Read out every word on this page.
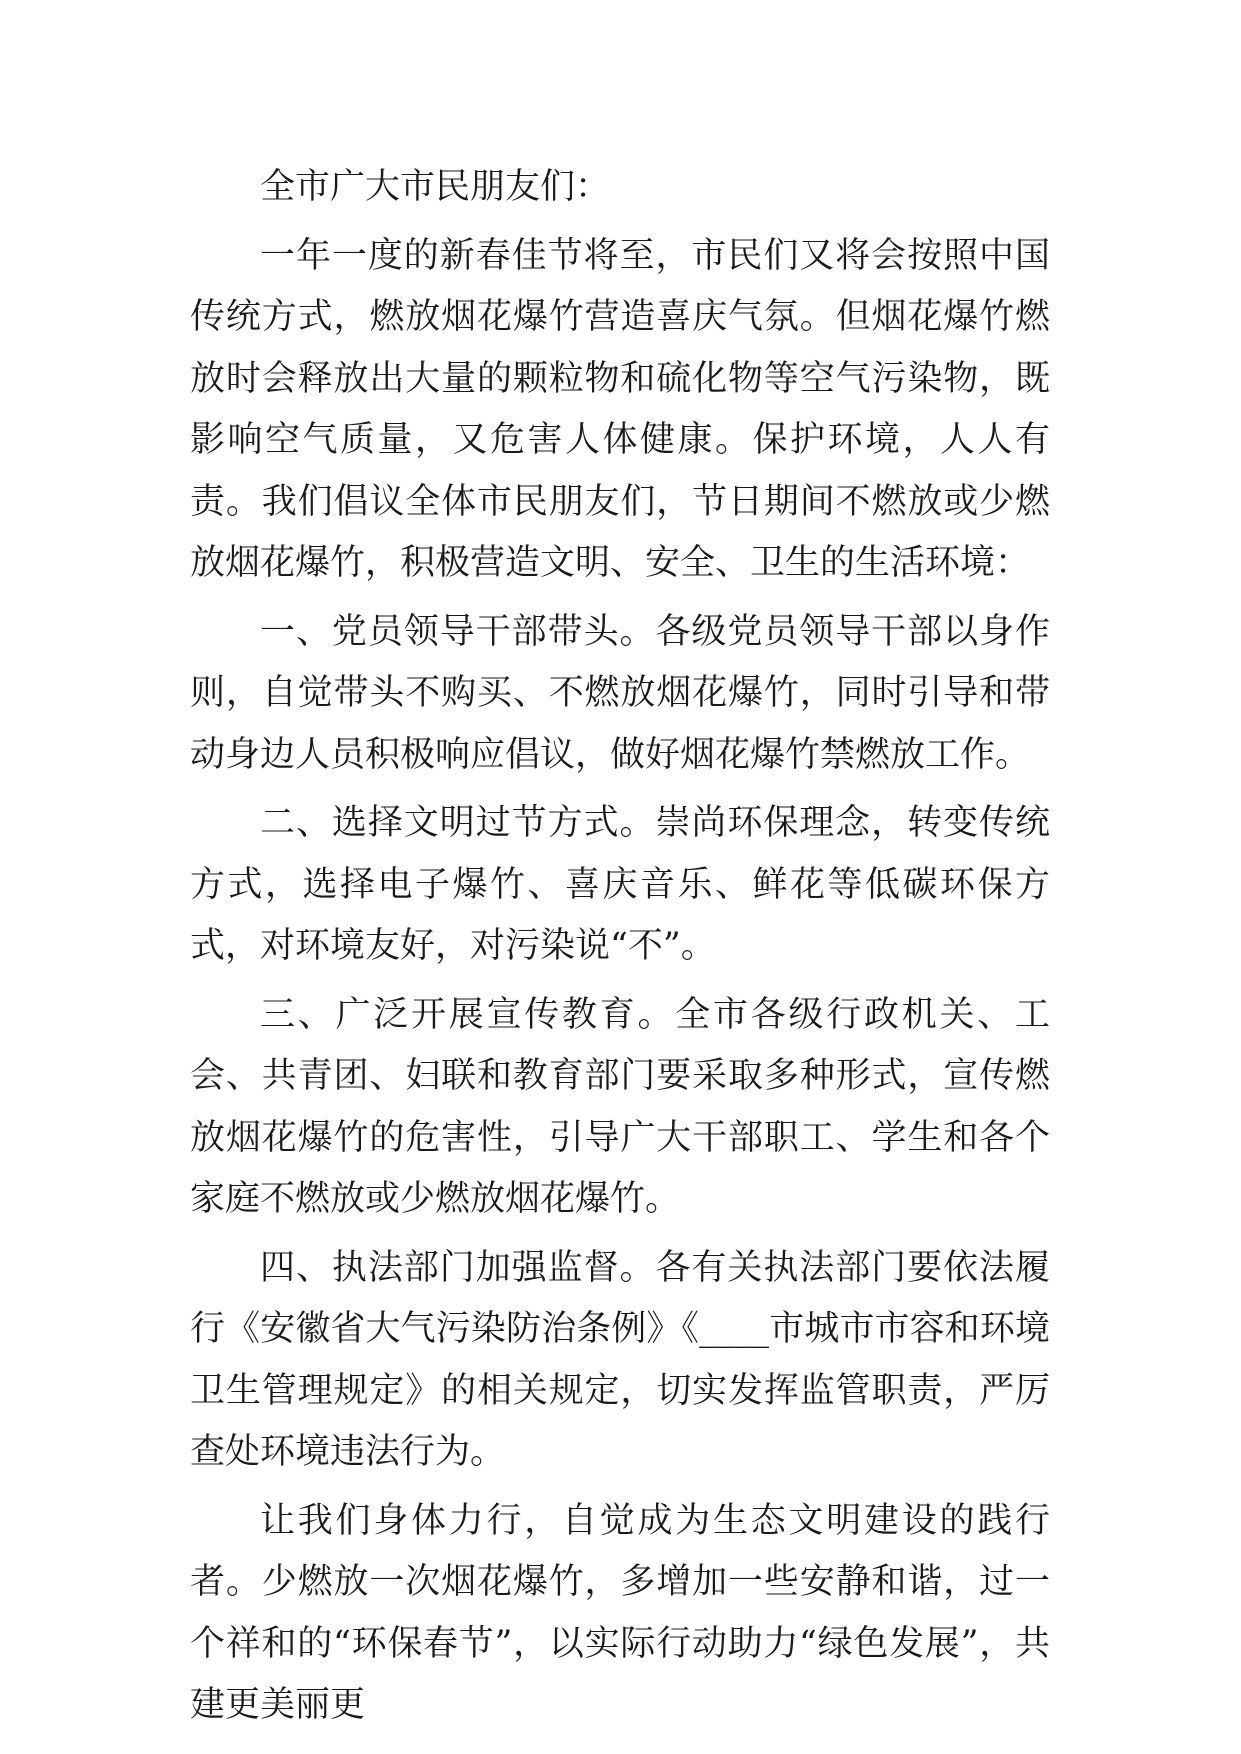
全市广大市民朋友们：

一年一度的新春佳节将至，市民们又将会按照中国传统方式，燃放烟花爆竹营造喜庆气氛。但烟花爆竹燃放时会释放出大量的颗粒物和硫化物等空气污染物，既影响空气质量，又危害人体健康。保护环境，人人有责。我们倡议全体市民朋友们，节日期间不燃放或少燃放烟花爆竹，积极营造文明、安全、卫生的生活环境：

一、党员领导干部带头。各级党员领导干部以身作则，自觉带头不购买、不燃放烟花爆竹，同时引导和带动身边人员积极响应倡议，做好烟花爆竹禁燃放工作。

二、选择文明过节方式。崇尚环保理念，转变传统方式，选择电子爆竹、喜庆音乐、鲜花等低碳环保方式，对环境友好，对污染说“不”。

三、广泛开展宣传教育。全市各级行政机关、工会、共青团、妇联和教育部门要采取多种形式，宣传燃放烟花爆竹的危害性，引导广大干部职工、学生和各个家庭不燃放或少燃放烟花爆竹。

四、执法部门加强监督。各有关执法部门要依法履行《安徽省大气污染防治条例》《____市城市市容和环境卫生管理规定》的相关规定，切实发挥监管职责，严厉查处环境违法行为。

让我们身体力行，自觉成为生态文明建设的践行者。少燃放一次烟花爆竹，多增加一些安静和谐，过一个祥和的“环保春节”，以实际行动助力“绿色发展”，共建更美丽更
